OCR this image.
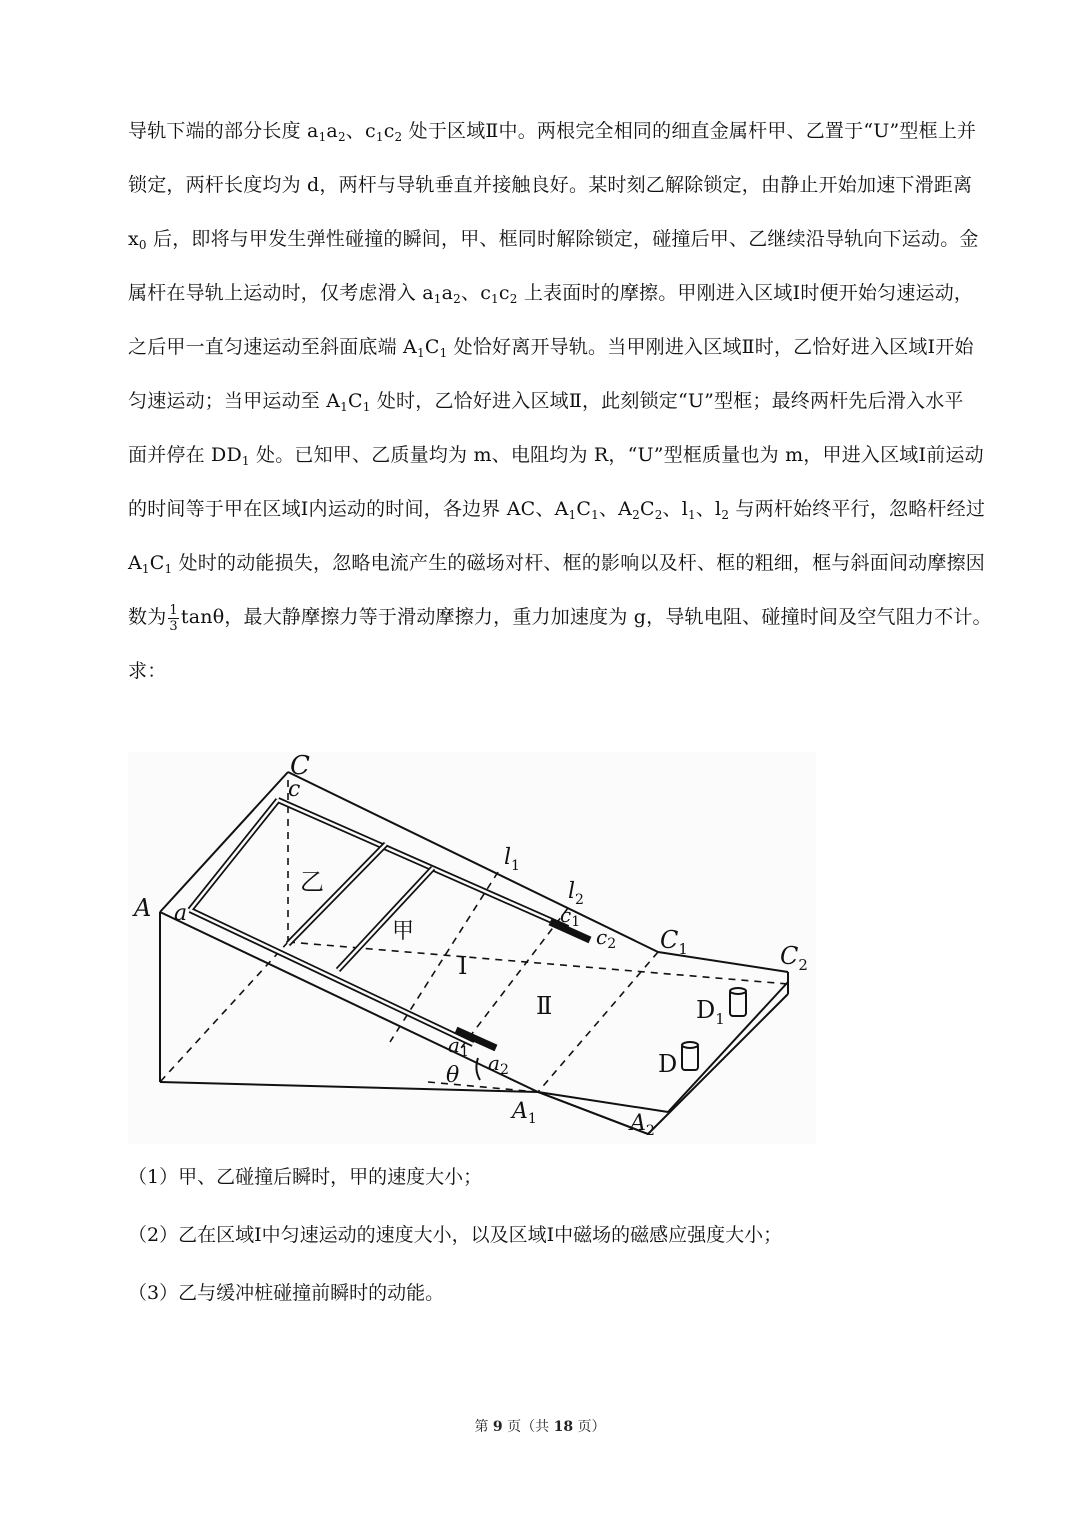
导轨下端的部分长度 $a_1a_2$、$c_1c_2$ 处于区域Ⅱ中。两根完全相同的细直金属杆甲、乙置于“U”型框上并
锁定，两杆长度均为 d，两杆与导轨垂直并接触良好。某时刻乙解除锁定，由静止开始加速下滑距离
$x_0$ 后，即将与甲发生弹性碰撞的瞬间，甲、框同时解除锁定，碰撞后甲、乙继续沿导轨向下运动。金
属杆在导轨上运动时，仅考虑滑入 $a_1a_2$、$c_1c_2$ 上表面时的摩擦。甲刚进入区域Ⅰ时便开始匀速运动，
之后甲一直匀速运动至斜面底端 $A_1C_1$ 处恰好离开导轨。当甲刚进入区域Ⅱ时，乙恰好进入区域Ⅰ开始
匀速运动；当甲运动至 $A_1C_1$ 处时，乙恰好进入区域Ⅱ，此刻锁定“U”型框；最终两杆先后滑入水平
面并停在 $DD_1$ 处。已知甲、乙质量均为 m、电阻均为 R，“U”型框质量也为 m，甲进入区域Ⅰ前运动
的时间等于甲在区域Ⅰ内运动的时间，各边界 AC、$A_1C_1$、$A_2C_2$、$l_1$、$l_2$ 与两杆始终平行，忽略杆经过
$A_1C_1$ 处时的动能损失，忽略电流产生的磁场对杆、框的影响以及杆、框的粗细，框与斜面间动摩擦因
数为 $\frac{1}{3}$ tanθ，最大静摩擦力等于滑动摩擦力，重力加速度为 g，导轨电阻、碰撞时间及空气阻力不计。
求：
C
c
A a
乙
甲
Ⅰ
Ⅱ
$l_1$
$l_2$
$c_1$
$c_2$ $C_1$	$C_2$
$D_1$
D
$a_1$ $a_2$
θ
$A_1$	$A_2$
（1）甲、乙碰撞后瞬时，甲的速度大小；
（2）乙在区域Ⅰ中匀速运动的速度大小，以及区域Ⅰ中磁场的磁感应强度大小；
（3）乙与缓冲桩碰撞前瞬时的动能。
第 9 页（共 18 页）
